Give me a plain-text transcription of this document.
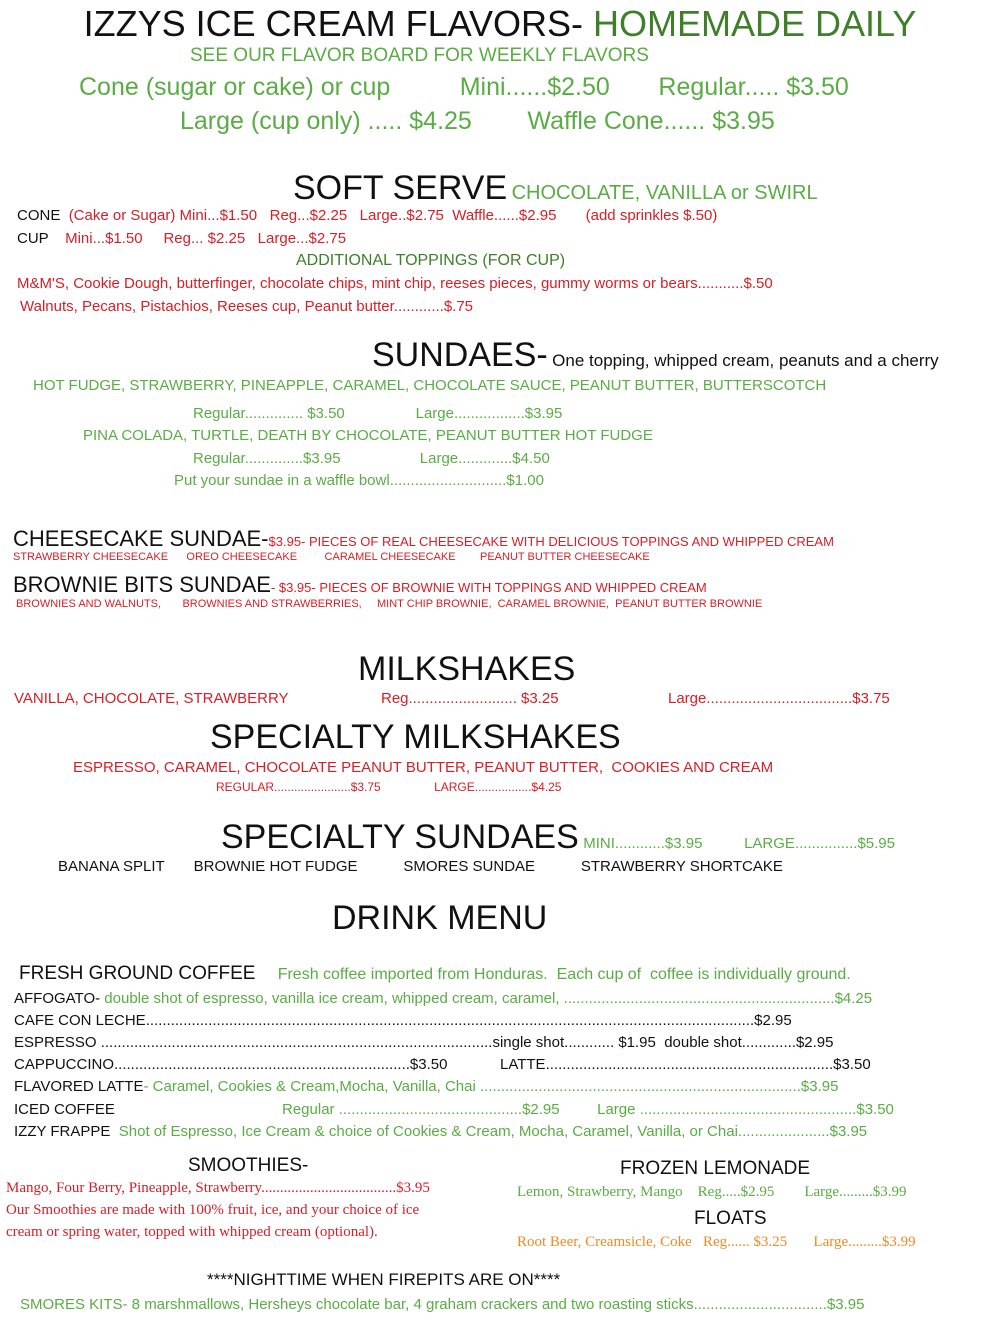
IZZYS ICE CREAM FLAVORS- HOMEMADE DAILY
SEE OUR FLAVOR BOARD FOR WEEKLY FLAVORS
Cone (sugar or cake) or cup          Mini......$2.50       Regular..... $3.50
Large (cup only) ..... $4.25        Waffle Cone...... $3.95
SOFT SERVE CHOCOLATE, VANILLA or SWIRL
CONE (Cake or Sugar) Mini...$1.50   Reg...$2.25   Large..$2.75  Waffle......$2.95       (add sprinkles $.50)
CUP Mini...$1.50     Reg... $2.25   Large...$2.75
ADDITIONAL TOPPINGS (FOR CUP)
M&M'S, Cookie Dough, butterfinger, chocolate chips, mint chip, reeses pieces, gummy worms or bears...........$.50
Walnuts, Pecans, Pistachios, Reeses cup, Peanut butter............$.75
SUNDAES- One topping, whipped cream, peanuts and a cherry
HOT FUDGE, STRAWBERRY, PINEAPPLE, CARAMEL, CHOCOLATE SAUCE, PEANUT BUTTER, BUTTERSCOTCH
Regular.............. $3.50                 Large.................$3.95
PINA COLADA, TURTLE, DEATH BY CHOCOLATE, PEANUT BUTTER HOT FUDGE
Regular..............$3.95                   Large.............$4.50
Put your sundae in a waffle bowl............................$1.00
CHEESECAKE SUNDAE-$3.95- PIECES OF REAL CHEESECAKE WITH DELICIOUS TOPPINGS AND WHIPPED CREAM
STRAWBERRY CHEESECAKE      OREO CHEESECAKE         CARAMEL CHEESECAKE        PEANUT BUTTER CHEESECAKE
BROWNIE BITS SUNDAE- $3.95- PIECES OF BROWNIE WITH TOPPINGS AND WHIPPED CREAM
BROWNIES AND WALNUTS,       BROWNIES AND STRAWBERRIES,     MINT CHIP BROWNIE,  CARAMEL BROWNIE,  PEANUT BUTTER BROWNIE
MILKSHAKES
VANILLA, CHOCOLATE, STRAWBERRY	Reg.......................... $3.25	Large...................................$3.75
SPECIALTY MILKSHAKES
ESPRESSO, CARAMEL, CHOCOLATE PEANUT BUTTER, PEANUT BUTTER,  COOKIES AND CREAM
REGULAR.......................$3.75                LARGE.................$4.25
SPECIALTY SUNDAES MINI............$3.95          LARGE...............$5.95
BANANA SPLIT       BROWNIE HOT FUDGE           SMORES SUNDAE           STRAWBERRY SHORTCAKE
DRINK MENU
FRESH GROUND COFFEE Fresh coffee imported from Honduras.  Each cup of  coffee is individually ground.
AFFOGATO- double shot of espresso, vanilla ice cream, whipped cream, caramel, .................................................................$4.25
CAFE CON LECHE..................................................................................................................................................$2.95
ESPRESSO ..............................................................................................single shot............ $1.95  double shot.............$2.95
CAPPUCCINO.......................................................................$3.50	LATTE.....................................................................$3.50
FLAVORED LATTE- Caramel, Cookies & Cream,Mocha, Vanilla, Chai .............................................................................$3.95
ICED COFFEE	Regular ............................................$2.95         Large ....................................................$3.50
IZZY FRAPPE Shot of Espresso, Ice Cream & choice of Cookies & Cream, Mocha, Caramel, Vanilla, or Chai......................$3.95
SMOOTHIES-
Mango, Four Berry, Pineapple, Strawberry....................................$3.95
Our Smoothies are made with 100% fruit, ice, and your choice of ice
cream or spring water, topped with whipped cream (optional).
FROZEN LEMONADE
Lemon, Strawberry, Mango    Reg.....$2.95        Large.........$3.99
FLOATS
Root Beer, Creamsicle, Coke   Reg...... $3.25       Large.........$3.99
****NIGHTTIME WHEN FIREPITS ARE ON****
SMORES KITS- 8 marshmallows, Hersheys chocolate bar, 4 graham crackers and two roasting sticks................................$3.95
